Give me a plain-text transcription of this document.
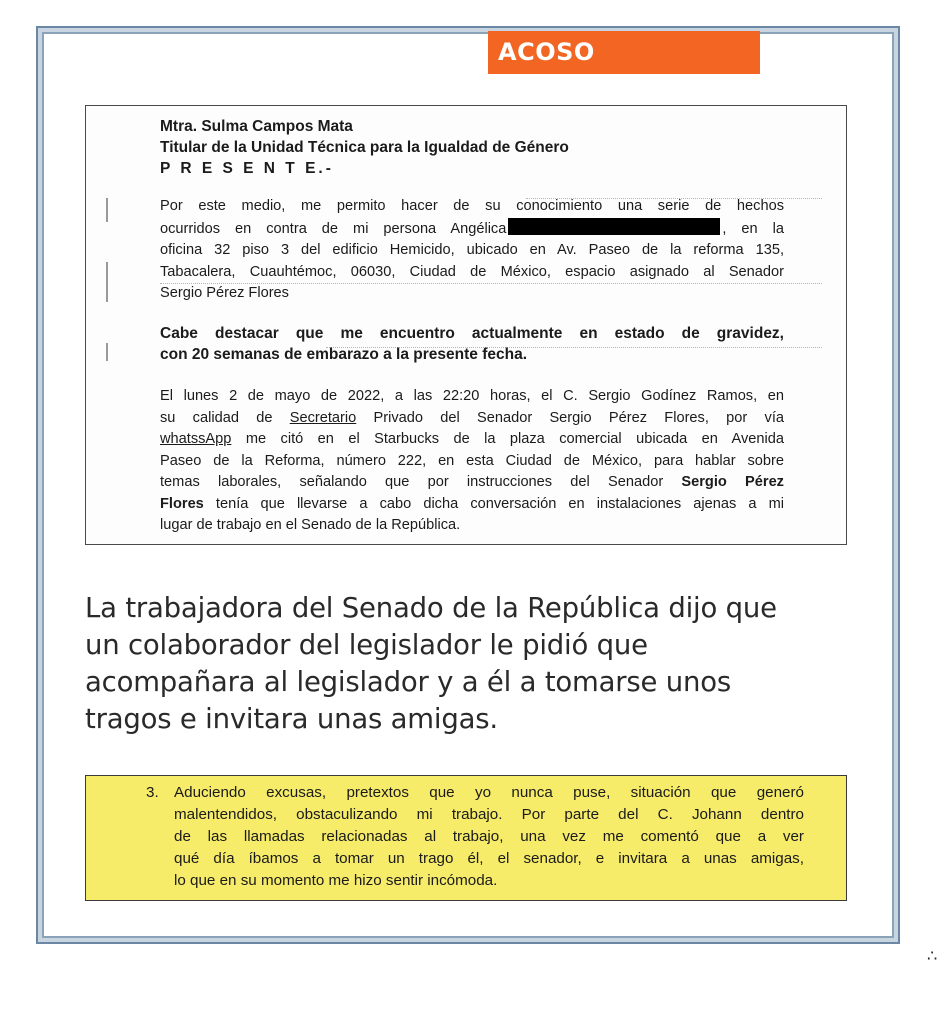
ACOSO
Mtra. Sulma Campos Mata
Titular de la Unidad Técnica para la Igualdad de Género
P R E S E N T E.-
Por este medio, me permito hacer de su conocimiento una serie de hechos
ocurridos en contra de mi persona Angélica	, en la
oficina 32 piso 3 del edificio Hemicido, ubicado en Av. Paseo de la reforma 135,
Tabacalera, Cuauhtémoc, 06030, Ciudad de México, espacio asignado al Senador
Sergio Pérez Flores
Cabe destacar que me encuentro actualmente en estado de gravidez,
con 20 semanas de embarazo a la presente fecha.
El lunes 2 de mayo de 2022, a las 22:20 horas, el C. Sergio Godínez Ramos, en
su calidad de Secretario Privado del Senador Sergio Pérez Flores, por vía
whatssApp me citó en el Starbucks de la plaza comercial ubicada en Avenida
Paseo de la Reforma, número 222, en esta Ciudad de México, para hablar sobre
temas laborales, señalando que por instrucciones del Senador Sergio Pérez
Flores tenía que llevarse a cabo dicha conversación en instalaciones ajenas a mi
lugar de trabajo en el Senado de la República.
La trabajadora del Senado de la República dijo que
un colaborador del legislador le pidió que
acompañara al legislador y a él a tomarse unos
tragos e invitara unas amigas.
3. Aduciendo excusas, pretextos que yo nunca puse, situación que generó
malentendidos, obstaculizando mi trabajo. Por parte del C. Johann dentro
de las llamadas relacionadas al trabajo, una vez me comentó que a ver
qué día íbamos a tomar un trago él, el senador, e invitara a unas amigas,
lo que en su momento me hizo sentir incómoda.
∴
